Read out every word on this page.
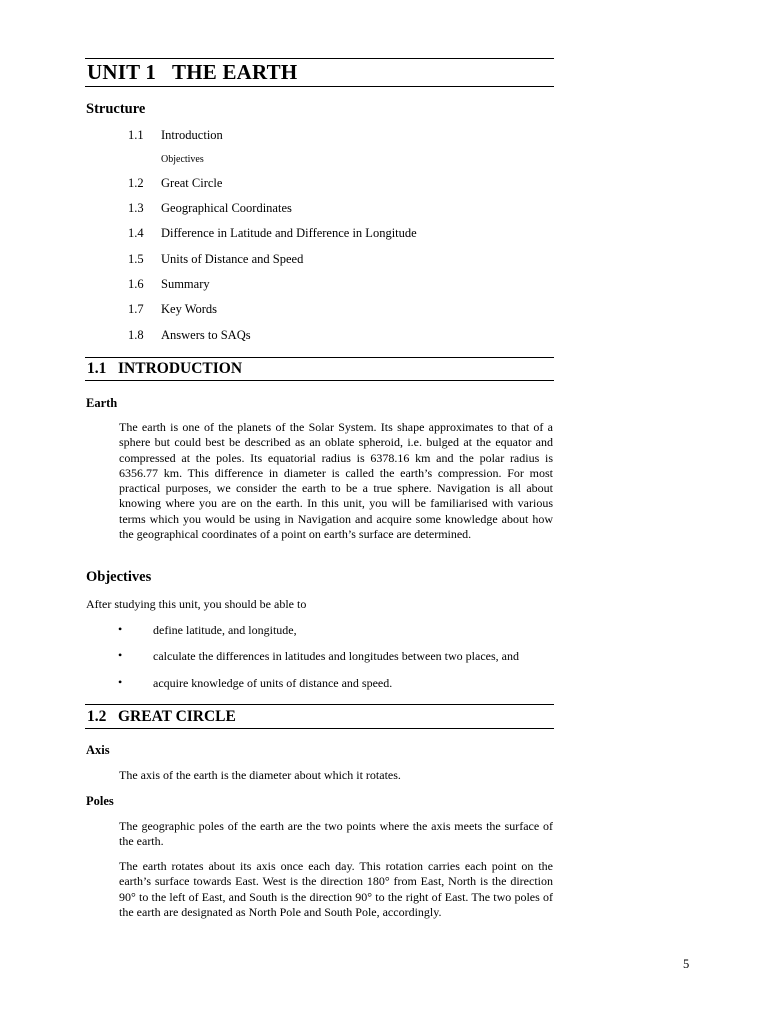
UNIT 1   THE EARTH
Structure
1.1 Introduction
Objectives
1.2 Great Circle
1.3 Geographical Coordinates
1.4 Difference in Latitude and Difference in Longitude
1.5 Units of Distance and Speed
1.6 Summary
1.7 Key Words
1.8 Answers to SAQs
1.1   INTRODUCTION
Earth

The earth is one of the planets of the Solar System. Its shape approximates to that of a sphere but could best be described as an oblate spheroid, i.e. bulged at the equator and compressed at the poles. Its equatorial radius is 6378.16 km and the polar radius is 6356.77 km. This difference in diameter is called the earth’s compression. For most practical purposes, we consider the earth to be a true sphere. Navigation is all about knowing where you are on the earth. In this unit, you will be familiarised with various terms which you would be using in Navigation and acquire some knowledge about how the geographical coordinates of a point on earth’s surface are determined.

Objectives
After studying this unit, you should be able to
•	define latitude, and longitude,
•	calculate the differences in latitudes and longitudes between two places, and
•	acquire knowledge of units of distance and speed.
1.2   GREAT CIRCLE
Axis

The axis of the earth is the diameter about which it rotates.

Poles

The geographic poles of the earth are the two points where the axis meets the surface of the earth.

The earth rotates about its axis once each day. This rotation carries each point on the earth’s surface towards East. West is the direction 180° from East, North is the direction 90° to the left of East, and South is the direction 90° to the right of East. The two poles of the earth are designated as North Pole and South Pole, accordingly.

5
